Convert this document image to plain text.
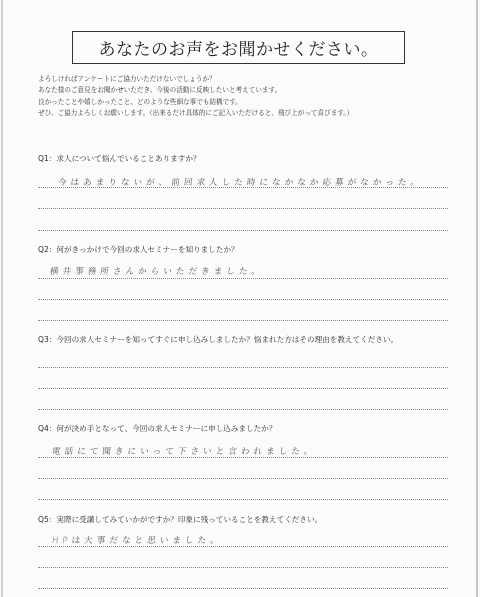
あなたのお声をお聞かせください。
よろしければアンケートにご協力いただけないでしょうか？
あなた様のご意見をお聞かせいただき、今後の活動に反映したいと考えています。
良かったことや嬉しかったこと、どのような些細な事でも結構です。
ぜひ、ご協力よろしくお願いします。（出来るだけ具体的にご記入いただけると、飛び上がって喜びます。）
Q1：求人について悩んでいることありますか？
今はあまりないが、前回求人した時になかなか応募がなかった。
Q2：何がきっかけで今回の求人セミナーを知りましたか？
横井事務所さんからいただきました。
Q3：今回の求人セミナーを知ってすぐに申し込みしましたか？悩まれた方はその理由を教えてください。
Q4：何が決め手となって、今回の求人セミナーに申し込みましたか？
電話にて聞きにいって下さいと言われました。
Q5：実際に受講してみていかがですか？印象に残っていることを教えてください。
HPは大事だなと思いました。
